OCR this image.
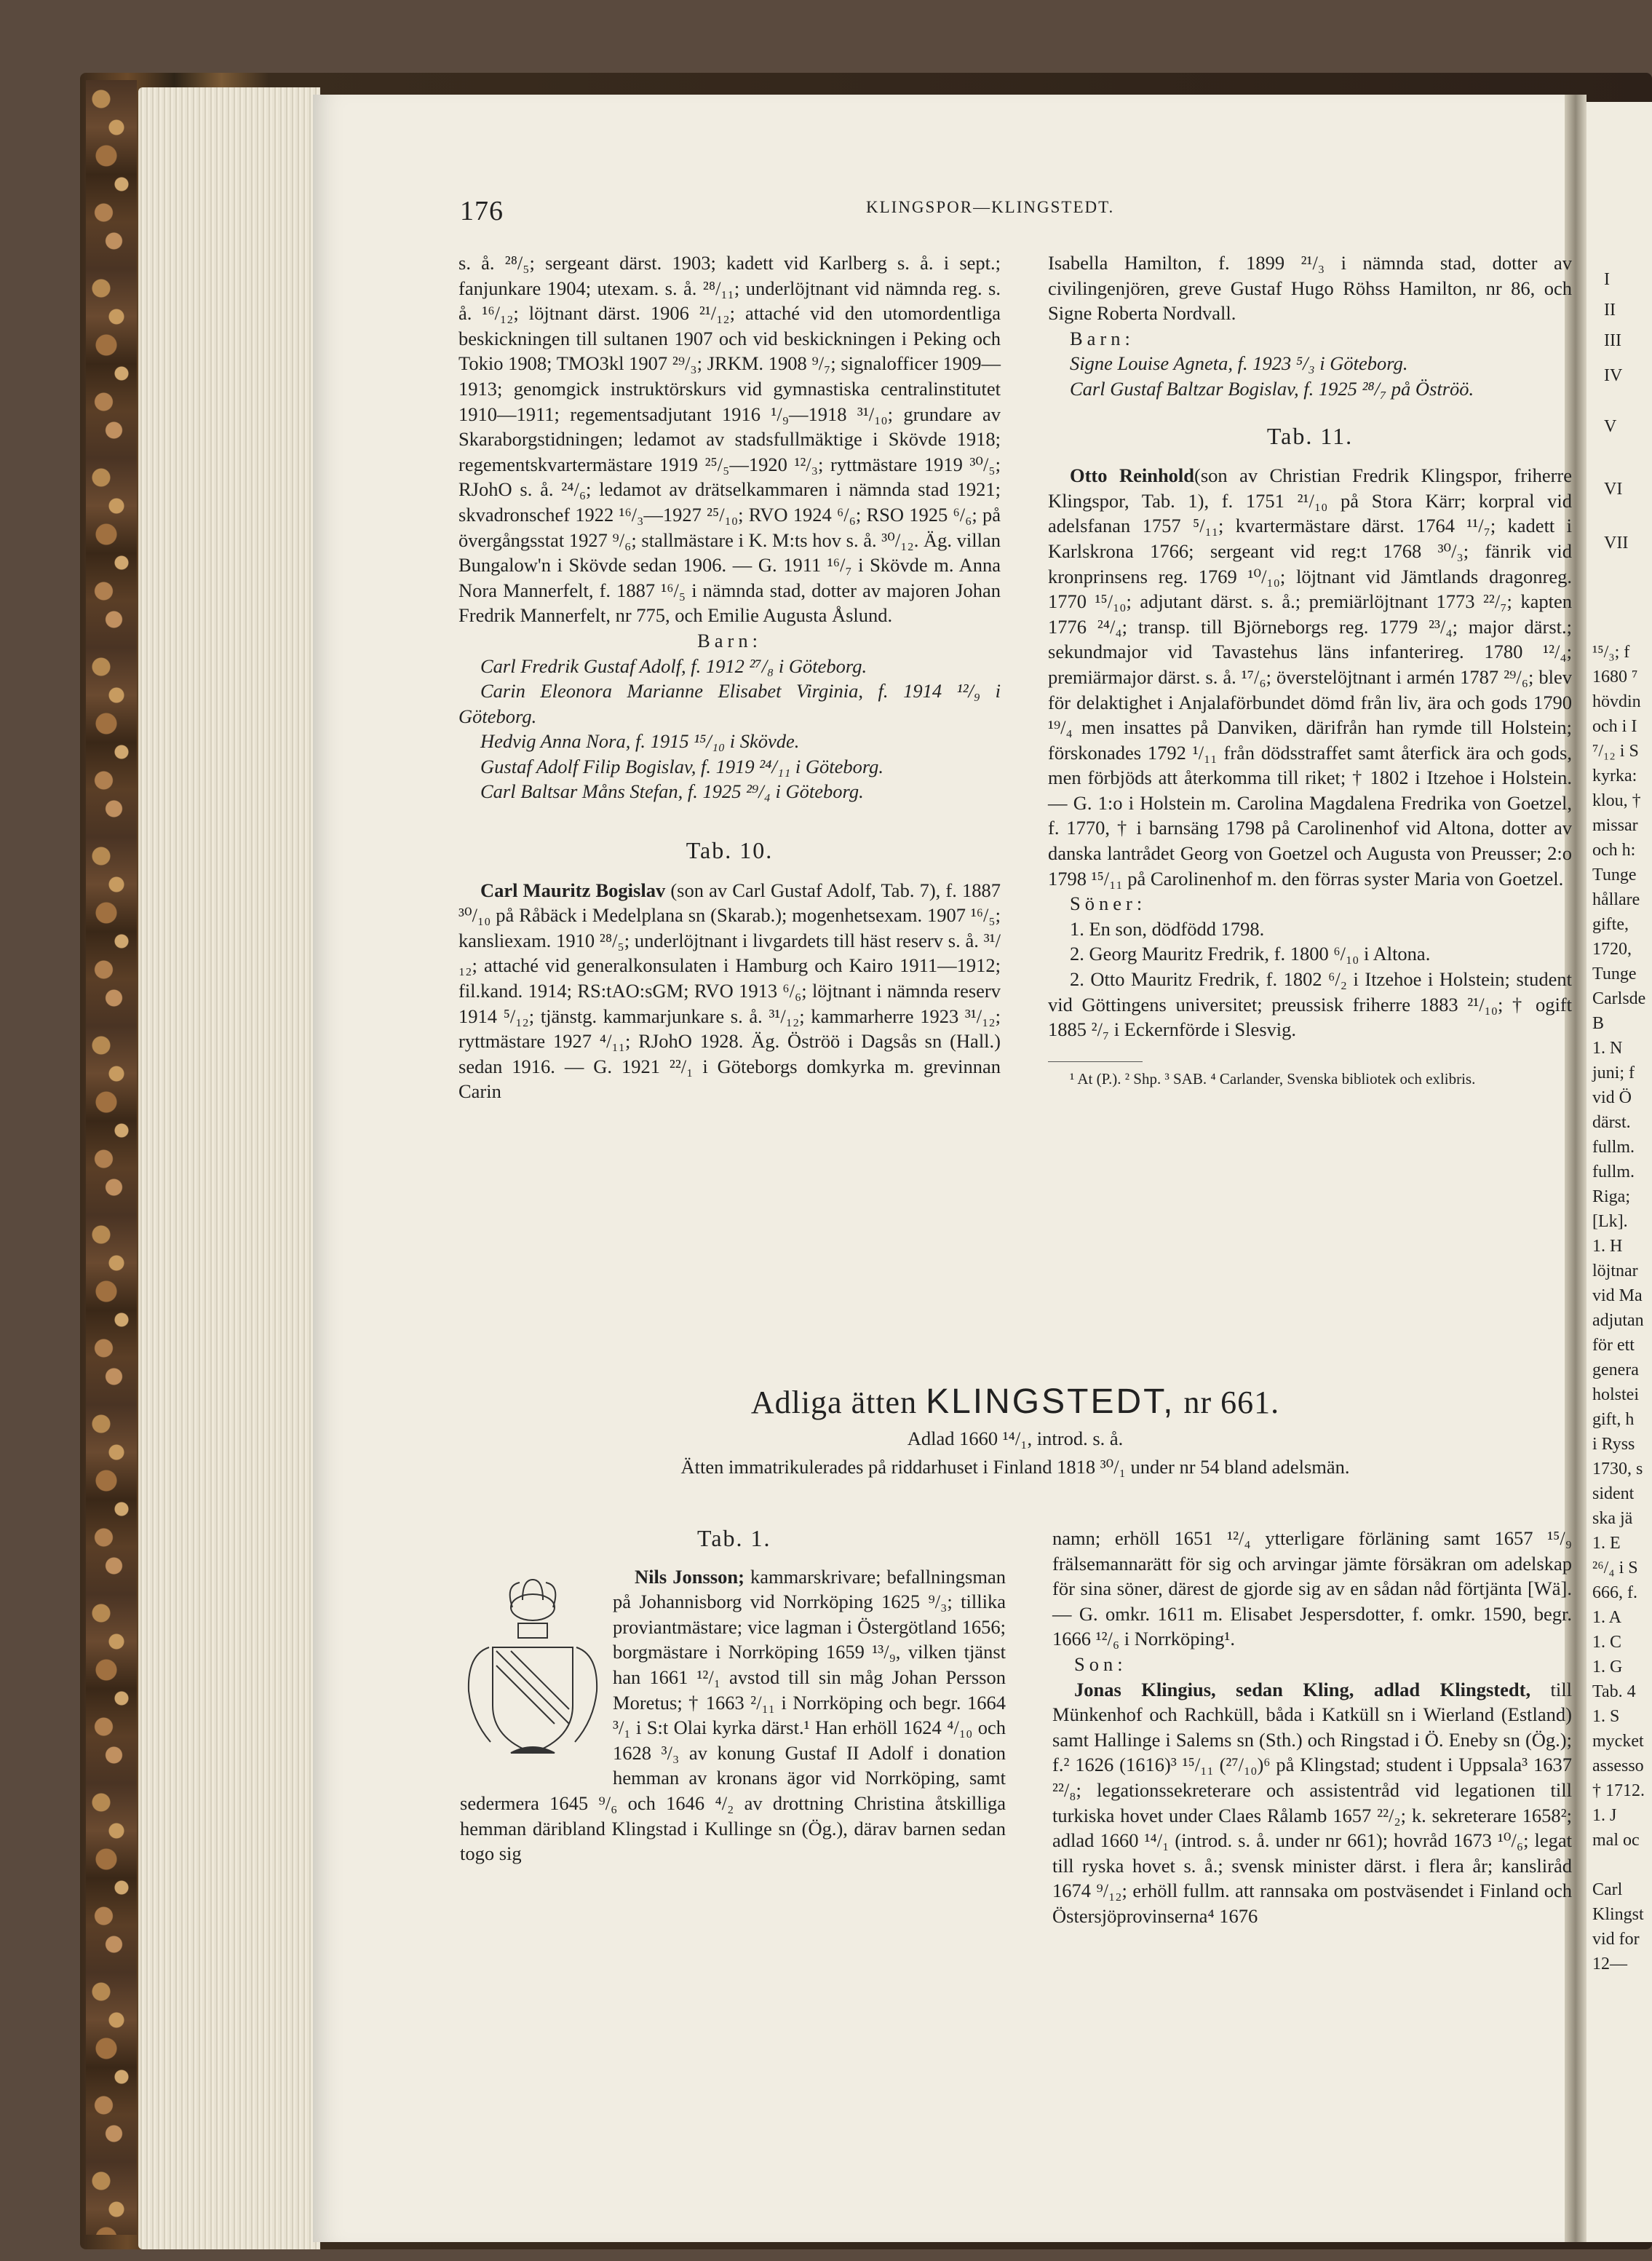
I
II
III
IV
V
VI
VII
¹⁵/₃; f
1680 ⁷
hövdin
och i I
⁷/₁₂ i S
kyrka:
klou, †
missar
och h:
Tunge
hållare
gifte,
1720,
Tunge
Carlsde
B
1. N
juni; f
vid Ö
därst.
fullm.
fullm.
Riga;
[Lk].
1. H
löjtnar
vid Ma
adjutan
för ett
genera
holstei
gift, h
i Ryss
1730, s
sident
ska jä
1. E
²⁶/₄ i S
666, f.
1. A
1. C
1. G
Tab. 4
1. S
mycket
assesso
† 1712.
1. J
mal oc
Carl
Klingst
vid for
12—
176	KLINGSPOR—KLINGSTEDT.

s. å. ²⁸/₅; sergeant därst. 1903; kadett vid Karlberg s. å. i sept.; fanjunkare 1904; utexam. s. å. ²⁸/₁₁; underlöjtnant vid nämnda reg. s. å. ¹⁶/₁₂; löjtnant därst. 1906 ²¹/₁₂; attaché vid den utomordentliga beskickningen till sultanen 1907 och vid beskickningen i Peking och Tokio 1908; TMO3kl 1907 ²⁹/₃; JRKM. 1908 ⁹/₇; signalofficer 1909—1913; genomgick instruktörskurs vid gymnastiska centralinstitutet 1910—1911; regementsadjutant 1916 ¹/₉—1918 ³¹/₁₀; grundare av Skaraborgstidningen; ledamot av stadsfullmäktige i Skövde 1918; regementskvartermästare 1919 ²⁵/₅—1920 ¹²/₃; ryttmästare 1919 ³⁰/₅; RJohO s. å. ²⁴/₆; ledamot av drätselkammaren i nämnda stad 1921; skvadronschef 1922 ¹⁶/₃—1927 ²⁵/₁₀; RVO 1924 ⁶/₆; RSO 1925 ⁶/₆; på övergångsstat 1927 ⁹/₆; stallmästare i K. M:ts hov s. å. ³⁰/₁₂. Äg. villan Bungalow'n i Skövde sedan 1906. — G. 1911 ¹⁶/₇ i Skövde m. Anna Nora Mannerfelt, f. 1887 ¹⁶/₅ i nämnda stad, dotter av majoren Johan Fredrik Mannerfelt, nr 775, och Emilie Augusta Åslund.

Barn:

Carl Fredrik Gustaf Adolf, f. 1912 ²⁷/₈ i Göteborg.

Carin Eleonora Marianne Elisabet Virginia, f. 1914 ¹²/₉ i Göteborg.

Hedvig Anna Nora, f. 1915 ¹⁵/₁₀ i Skövde.

Gustaf Adolf Filip Bogislav, f. 1919 ²⁴/₁₁ i Göteborg.

Carl Baltsar Måns Stefan, f. 1925 ²⁹/₄ i Göteborg.

Tab. 10.

Carl Mauritz Bogislav (son av Carl Gustaf Adolf, Tab. 7), f. 1887 ³⁰/₁₀ på Råbäck i Medelplana sn (Skarab.); mogenhetsexam. 1907 ¹⁶/₅; kansliexam. 1910 ²⁸/₅; underlöjtnant i livgardets till häst reserv s. å. ³¹/₁₂; attaché vid generalkonsulaten i Hamburg och Kairo 1911—1912; fil.kand. 1914; RS:tAO:sGM; RVO 1913 ⁶/₆; löjtnant i nämnda reserv 1914 ⁵/₁₂; tjänstg. kammarjunkare s. å. ³¹/₁₂; kammarherre 1923 ³¹/₁₂; ryttmästare 1927 ⁴/₁₁; RJohO 1928. Äg. Öströö i Dagsås sn (Hall.) sedan 1916. — G. 1921 ²²/₁ i Göteborgs domkyrka m. grevinnan Carin

Isabella Hamilton, f. 1899 ²¹/₃ i nämnda stad, dotter av civilingenjören, greve Gustaf Hugo Röhss Hamilton, nr 86, och Signe Roberta Nordvall.

Barn:

Signe Louise Agneta, f. 1923 ⁵/₃ i Göteborg.

Carl Gustaf Baltzar Bogislav, f. 1925 ²⁸/₇ på Öströö.

Tab. 11.

Otto Reinhold(son av Christian Fredrik Klingspor, friherre Klingspor, Tab. 1), f. 1751 ²¹/₁₀ på Stora Kärr; korpral vid adelsfanan 1757 ⁵/₁₁; kvartermästare därst. 1764 ¹¹/₇; kadett i Karlskrona 1766; sergeant vid reg:t 1768 ³⁰/₃; fänrik vid kronprinsens reg. 1769 ¹⁰/₁₀; löjtnant vid Jämtlands dragonreg. 1770 ¹⁵/₁₀; adjutant därst. s. å.; premiärlöjtnant 1773 ²²/₇; kapten 1776 ²⁴/₄; transp. till Björneborgs reg. 1779 ²³/₄; major därst.; sekundmajor vid Tavastehus läns infanterireg. 1780 ¹²/₄; premiärmajor därst. s. å. ¹⁷/₆; överstelöjtnant i armén 1787 ²⁹/₆; blev för delaktighet i Anjalaförbundet dömd från liv, ära och gods 1790 ¹⁹/₄ men insattes på Danviken, därifrån han rymde till Holstein; förskonades 1792 ¹/₁₁ från dödsstraffet samt återfick ära och gods, men förbjöds att återkomma till riket; † 1802 i Itzehoe i Holstein. — G. 1:o i Holstein m. Carolina Magdalena Fredrika von Goetzel, f. 1770, † i barnsäng 1798 på Carolinenhof vid Altona, dotter av danska lantrådet Georg von Goetzel och Augusta von Preusser; 2:o 1798 ¹⁵/₁₁ på Carolinenhof m. den förras syster Maria von Goetzel.

Söner:

1. En son, dödfödd 1798.

2. Georg Mauritz Fredrik, f. 1800 ⁶/₁₀ i Altona.

2. Otto Mauritz Fredrik, f. 1802 ⁶/₂ i Itzehoe i Holstein; student vid Göttingens universitet; preussisk friherre 1883 ²¹/₁₀; † ogift 1885 ²/₇ i Eckernförde i Slesvig.

¹ At (P.). ² Shp. ³ SAB. ⁴ Carlander, Svenska bibliotek och exlibris.

Adliga ätten KLINGSTEDT, nr 661.
Adlad 1660 ¹⁴/₁, introd. s. å.
Ätten immatrikulerades på riddarhuset i Finland 1818 ³⁰/₁ under nr 54 bland adelsmän.
Tab. 1.

Nils Jonsson; kammarskrivare; befallningsman på Johannisborg vid Norrköping 1625 ⁹/₃; tillika proviantmästare; vice lagman i Östergötland 1656; borgmästare i Norrköping 1659 ¹³/₉, vilken tjänst han 1661 ¹²/₁ avstod till sin måg Johan Persson Moretus; † 1663 ²/₁₁ i Norrköping och begr. 1664 ³/₁ i S:t Olai kyrka därst.¹ Han erhöll 1624 ⁴/₁₀ och 1628 ³/₃ av konung Gustaf II Adolf i donation hemman av kronans ägor vid Norrköping, samt sedermera 1645 ⁹/₆ och 1646 ⁴/₂ av drottning Christina åtskilliga hemman däribland Klingstad i Kullinge sn (Ög.), därav barnen sedan togo sig

namn; erhöll 1651 ¹²/₄ ytterligare förläning samt 1657 ¹⁵/₉ frälsemannarätt för sig och arvingar jämte försäkran om adelskap för sina söner, därest de gjorde sig av en sådan nåd förtjänta [Wä]. — G. omkr. 1611 m. Elisabet Jespersdotter, f. omkr. 1590, begr. 1666 ¹²/₆ i Norrköping¹.

Son:

Jonas Klingius, sedan Kling, adlad Klingstedt, till Münkenhof och Rachküll, båda i Katküll sn i Wierland (Estland) samt Hallinge i Salems sn (Sth.) och Ringstad i Ö. Eneby sn (Ög.); f.² 1626 (1616)³ ¹⁵/₁₁ (²⁷/₁₀)⁶ på Klingstad; student i Uppsala³ 1637 ²²/₈; legationssekreterare och assistentråd vid legationen till turkiska hovet under Claes Rålamb 1657 ²²/₂; k. sekreterare 1658²; adlad 1660 ¹⁴/₁ (introd. s. å. under nr 661); hovråd 1673 ¹⁰/₆; legat till ryska hovet s. å.; svensk minister därst. i flera år; kansliråd 1674 ⁹/₁₂; erhöll fullm. att rannsaka om postväsendet i Finland och Östersjöprovinserna⁴ 1676
